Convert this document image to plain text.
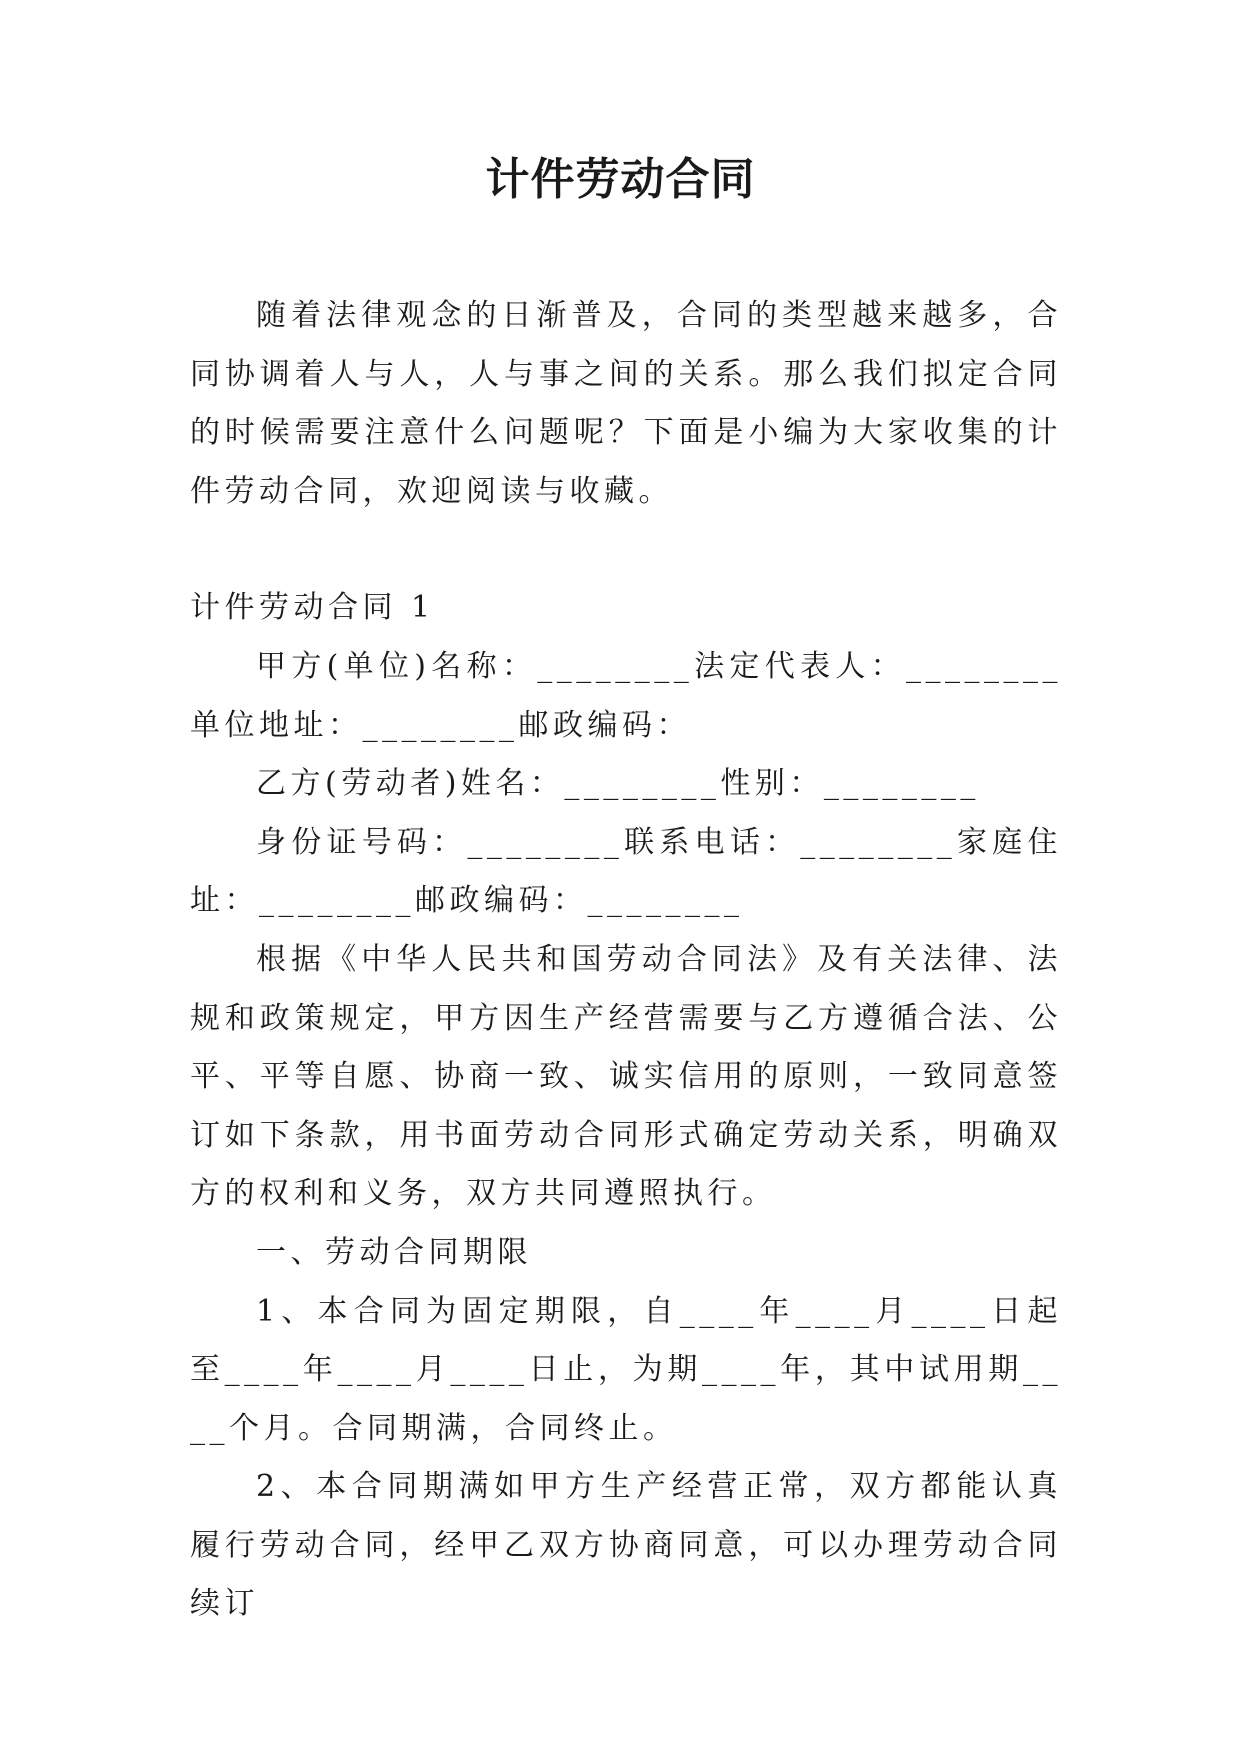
计件劳动合同

随着法律观念的日渐普及，合同的类型越来越多，合同协调着人与人，人与事之间的关系。那么我们拟定合同的时候需要注意什么问题呢？下面是小编为大家收集的计件劳动合同，欢迎阅读与收藏。

计件劳动合同 1

甲方(单位)名称：________法定代表人：________单位地址：________邮政编码：

乙方(劳动者)姓名：________性别：________

身份证号码：________联系电话：________家庭住址：________邮政编码：________

根据《中华人民共和国劳动合同法》及有关法律、法规和政策规定，甲方因生产经营需要与乙方遵循合法、公平、平等自愿、协商一致、诚实信用的原则，一致同意签订如下条款，用书面劳动合同形式确定劳动关系，明确双方的权利和义务，双方共同遵照执行。

一、劳动合同期限

1、本合同为固定期限，自____年____月____日起至____年____月____日止，为期____年，其中试用期____个月。合同期满，合同终止。

2、本合同期满如甲方生产经营正常，双方都能认真履行劳动合同，经甲乙双方协商同意，可以办理劳动合同续订
